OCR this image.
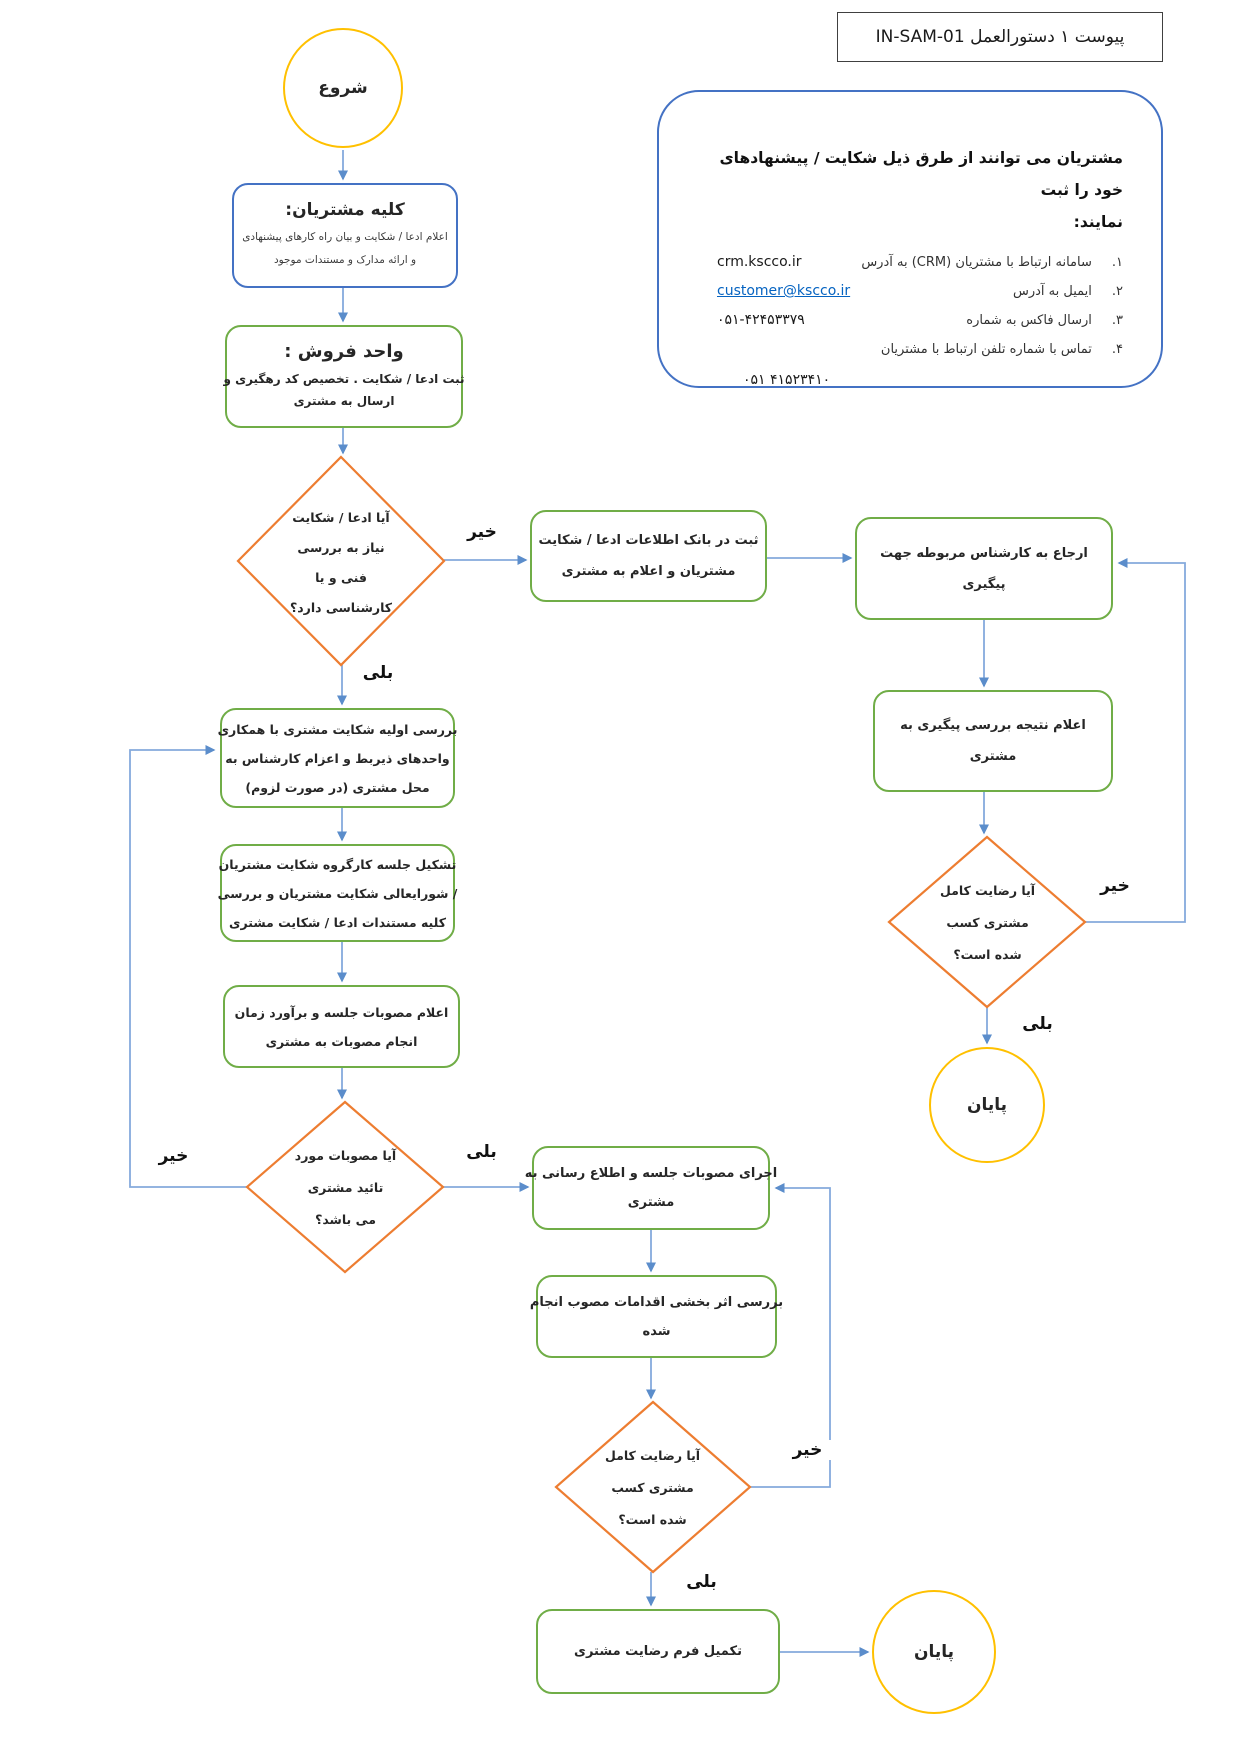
پیوست ۱ دستورالعمل IN-SAM-01
شروع
کلیه مشتریان:
اعلام ادعا / شکایت و بیان راه کارهای پیشنهادی
و ارائه مدارک و مستندات موجود
واحد فروش :
ثبت ادعا / شکایت . تخصیص کد رهگیری و
ارسال به مشتری
مشتریان می توانند از طرق ذیل شکایت / پیشنهادهای خود را ثبت
نمایند:
۱.
سامانه ارتباط با مشتریان (CRM) به آدرس
crm.kscco.ir
۲.
ایمیل به آدرس
customer@kscco.ir
۳.
ارسال فاکس به شماره
۰۵۱-۴۲۴۵۳۳۷۹
۴.
تماس با شماره تلفن ارتباط با مشتریان
۰۵۱ ۴۱۵۲۳۴۱۰
آیا ادعا / شکایت
نیاز به بررسی
فنی و یا
کارشناسی دارد؟
ثبت در بانک اطلاعات ادعا / شکایت
مشتریان و اعلام به مشتری
ارجاع به کارشناس مربوطه جهت پیگیری
اعلام نتیجه بررسی پیگیری به مشتری
آیا رضایت کامل
مشتری کسب
شده است؟
پایان
بررسی اولیه شکایت مشتری با همکاری
واحدهای ذیربط و اعزام کارشناس به
محل مشتری (در صورت لزوم)
تشکیل جلسه کارگروه شکایت مشتریان
/ شورایعالی شکایت مشتریان و بررسی
کلیه مستندات ادعا / شکایت مشتری
اعلام مصوبات جلسه و برآورد زمان
انجام مصوبات به مشتری
آیا مصوبات مورد
تائید مشتری
می باشد؟
اجرای مصوبات جلسه و اطلاع رسانی به
مشتری
بررسی اثر بخشی اقدامات مصوب انجام
شده
آیا رضایت کامل
مشتری کسب
شده است؟
تکمیل فرم رضایت مشتری	پایان
خیر
بلی
خیر
بلی
خیر	بلی
خیر
بلی
